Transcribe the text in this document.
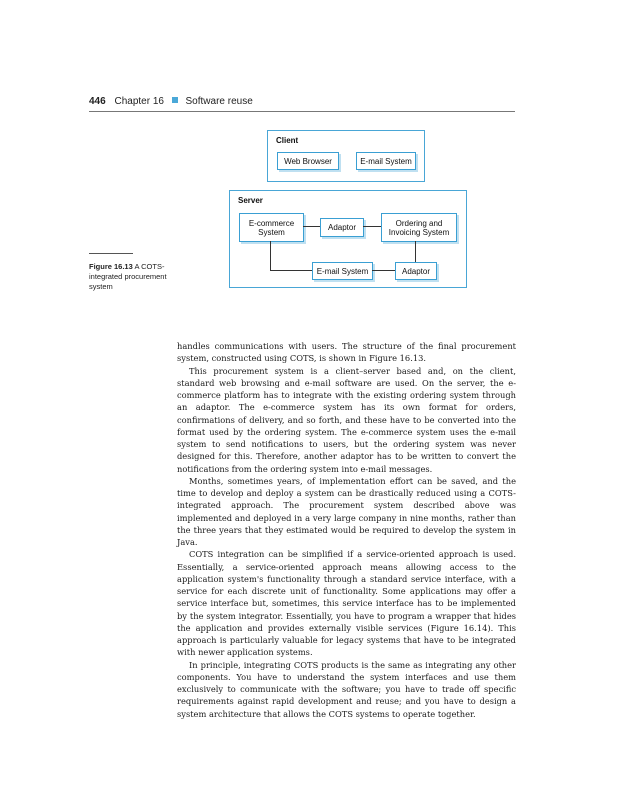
446 Chapter 16 Software reuse
Client
Web Browser	E-mail System
Server
E-commerce System	Adaptor	Ordering and Invoicing System
E-mail System	Adaptor
Figure 16.13 A COTS-integrated procurement system

handles communications with users. The structure of the final procurement system, constructed using COTS, is shown in Figure 16.13.

This procurement system is a client–server based and, on the client, standard web browsing and e-mail software are used. On the server, the e-commerce platform has to integrate with the existing ordering system through an adaptor. The e-commerce system has its own format for orders, confirmations of delivery, and so forth, and these have to be converted into the format used by the ordering system. The e-commerce system uses the e-mail system to send notifications to users, but the ordering system was never designed for this. Therefore, another adaptor has to be written to convert the notifications from the ordering system into e-mail messages.

Months, sometimes years, of implementation effort can be saved, and the time to develop and deploy a system can be drastically reduced using a COTS-integrated approach. The procurement system described above was implemented and deployed in a very large company in nine months, rather than the three years that they estimated would be required to develop the system in Java.

COTS integration can be simplified if a service-oriented approach is used. Essentially, a service-oriented approach means allowing access to the application system's functionality through a standard service interface, with a service for each discrete unit of functionality. Some applications may offer a service interface but, sometimes, this service interface has to be implemented by the system integrator. Essentially, you have to program a wrapper that hides the application and provides externally visible services (Figure 16.14). This approach is particularly valuable for legacy systems that have to be integrated with newer application systems.

In principle, integrating COTS products is the same as integrating any other components. You have to understand the system interfaces and use them exclusively to communicate with the software; you have to trade off specific requirements against rapid development and reuse; and you have to design a system architecture that allows the COTS systems to operate together.
